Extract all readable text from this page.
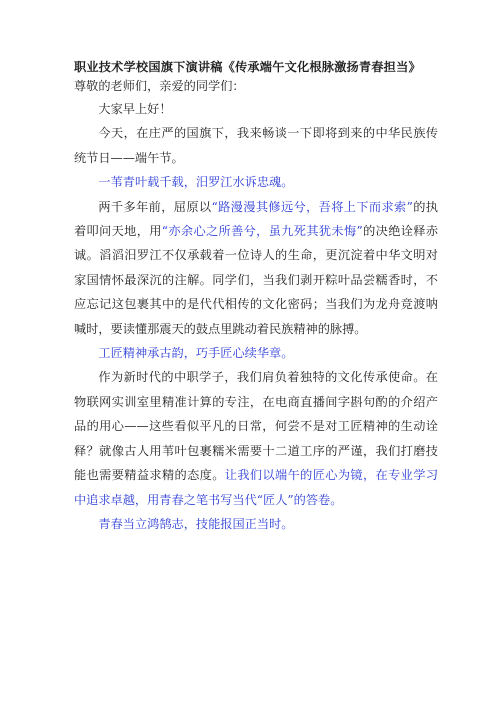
职业技术学校国旗下演讲稿《传承端午文化根脉激扬青春担当》
尊敬的老师们，亲爱的同学们：

大家早上好！

今天，在庄严的国旗下，我来畅谈一下即将到来的中华民族传统节日——端午节。

一苇青叶载千载，汨罗江水诉忠魂。

两千多年前，屈原以“路漫漫其修远兮，吾将上下而求索”的执着叩问天地，用“亦余心之所善兮，虽九死其犹未悔”的决绝诠释赤诚。滔滔汨罗江不仅承载着一位诗人的生命，更沉淀着中华文明对家国情怀最深沉的注解。同学们，当我们剥开粽叶品尝糯香时，不应忘记这包裹其中的是代代相传的文化密码；当我们为龙舟竞渡呐喊时，要读懂那震天的鼓点里跳动着民族精神的脉搏。

工匠精神承古韵，巧手匠心续华章。

作为新时代的中职学子，我们肩负着独特的文化传承使命。在物联网实训室里精准计算的专注，在电商直播间字斟句酌的介绍产品的用心——这些看似平凡的日常，何尝不是对工匠精神的生动诠释？就像古人用苇叶包裹糯米需要十二道工序的严谨，我们打磨技能也需要精益求精的态度。让我们以端午的匠心为镜，在专业学习中追求卓越，用青春之笔书写当代“匠人”的答卷。

青春当立鸿鹄志，技能报国正当时。
